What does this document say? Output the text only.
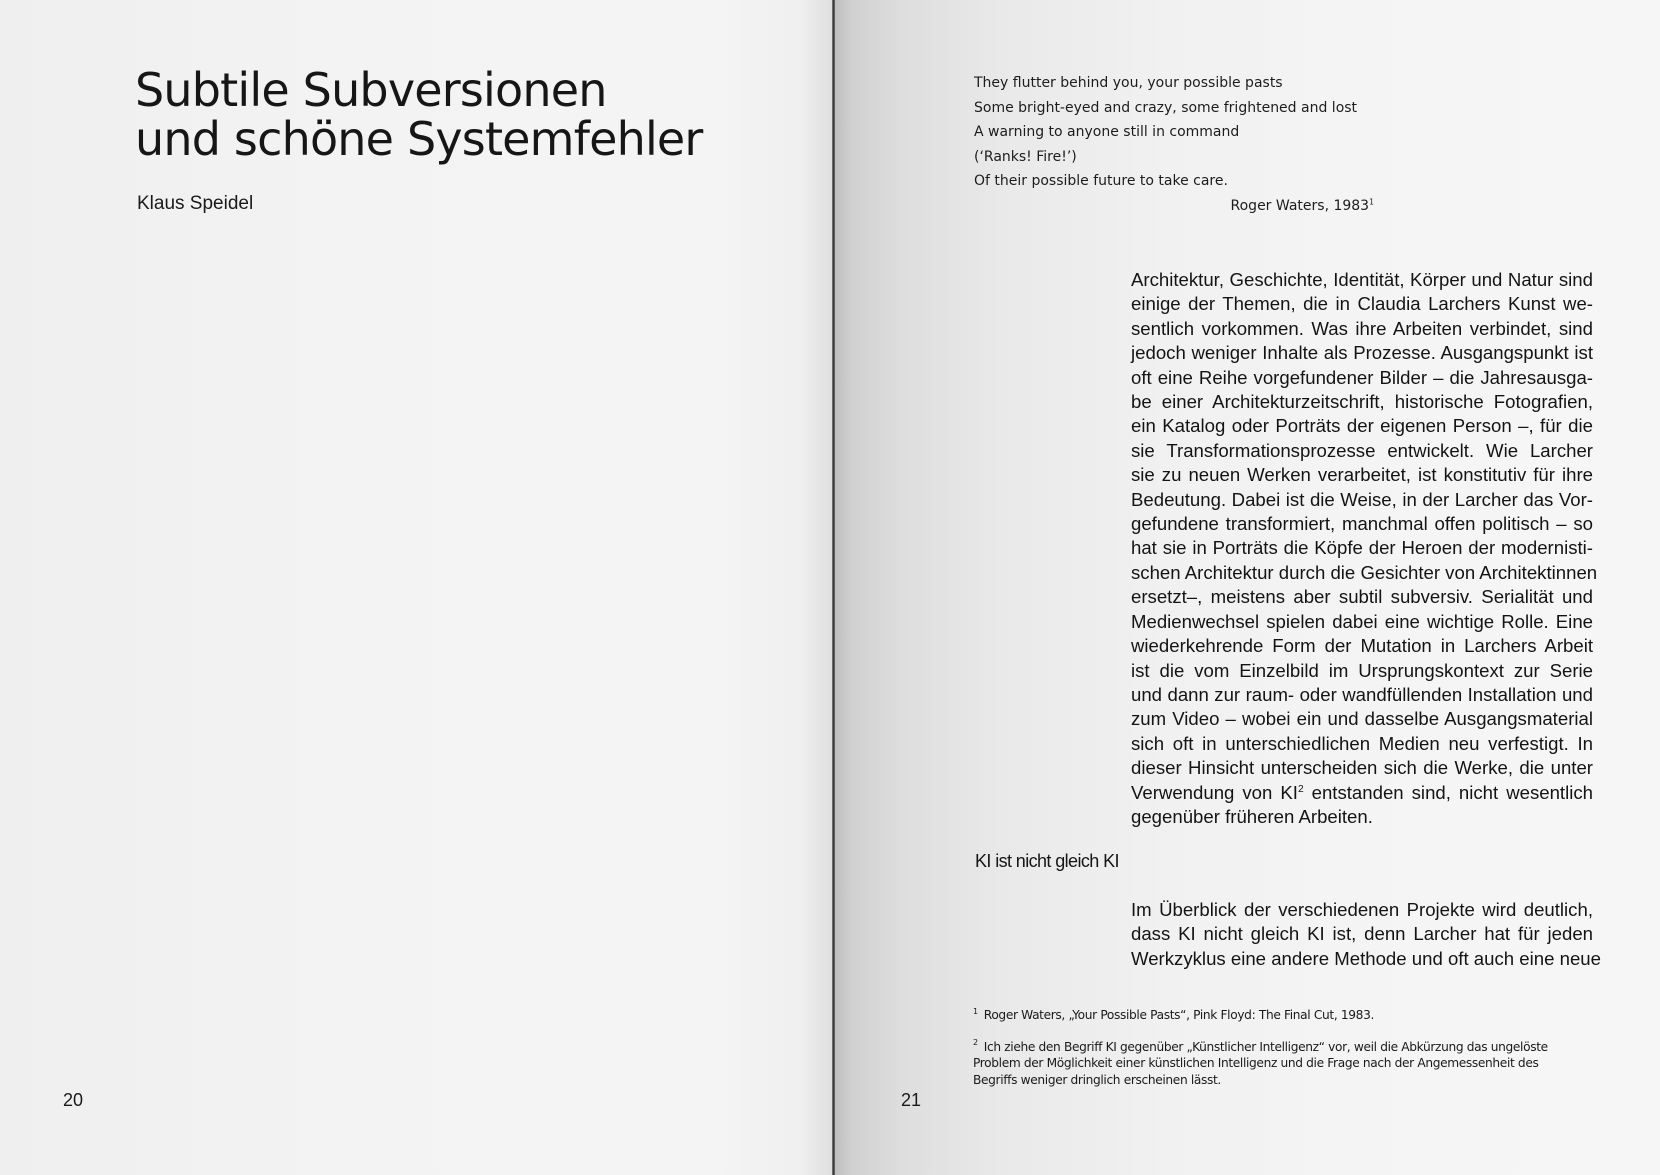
Subtile Subversionen
und schöne Systemfehler
Klaus Speidel
20
They flutter behind you, your possible pasts
Some bright-eyed and crazy, some frightened and lost
A warning to anyone still in command
(‘Ranks! Fire!’)
Of their possible future to take care.
Roger Waters, 1983$^1$
Architektur, Geschichte, Identität, Körper und Natur sind
einige der Themen, die in Claudia Larchers Kunst we-
sentlich vorkommen. Was ihre Arbeiten verbindet, sind
jedoch weniger Inhalte als Prozesse. Ausgangspunkt ist
oft eine Reihe vorgefundener Bilder – die Jahresausga-
be einer Architekturzeitschrift, historische Fotografien,
ein Katalog oder Porträts der eigenen Person –, für die
sie Transformationsprozesse entwickelt. Wie Larcher
sie zu neuen Werken verarbeitet, ist konstitutiv für ihre
Bedeutung. Dabei ist die Weise, in der Larcher das Vor-
gefundene transformiert, manchmal offen politisch – so
hat sie in Porträts die Köpfe der Heroen der modernisti-
schen Architektur durch die Gesichter von Architektinnen
ersetzt–, meistens aber subtil subversiv. Serialität und
Medienwechsel spielen dabei eine wichtige Rolle. Eine
wiederkehrende Form der Mutation in Larchers Arbeit
ist die vom Einzelbild im Ursprungskontext zur Serie
und dann zur raum- oder wandfüllenden Installation und
zum Video – wobei ein und dasselbe Ausgangsmaterial
sich oft in unterschiedlichen Medien neu verfestigt. In
dieser Hinsicht unterscheiden sich die Werke, die unter
Verwendung von $KI^2$ entstanden sind, nicht wesentlich
gegenüber früheren Arbeiten.
KI ist nicht gleich KI
Im Überblick der verschiedenen Projekte wird deutlich,
dass KI nicht gleich KI ist, denn Larcher hat für jeden
Werkzyklus eine andere Methode und oft auch eine neue
$^1$ Roger Waters, „Your Possible Pasts“, Pink Floyd: The Final Cut, 1983.
$^2$ Ich ziehe den Begriff KI gegenüber „Künstlicher Intelligenz“ vor, weil die Abkürzung das ungelöste
Problem der Möglichkeit einer künstlichen Intelligenz und die Frage nach der Angemessenheit des
Begriffs weniger dringlich erscheinen lässt.
21
